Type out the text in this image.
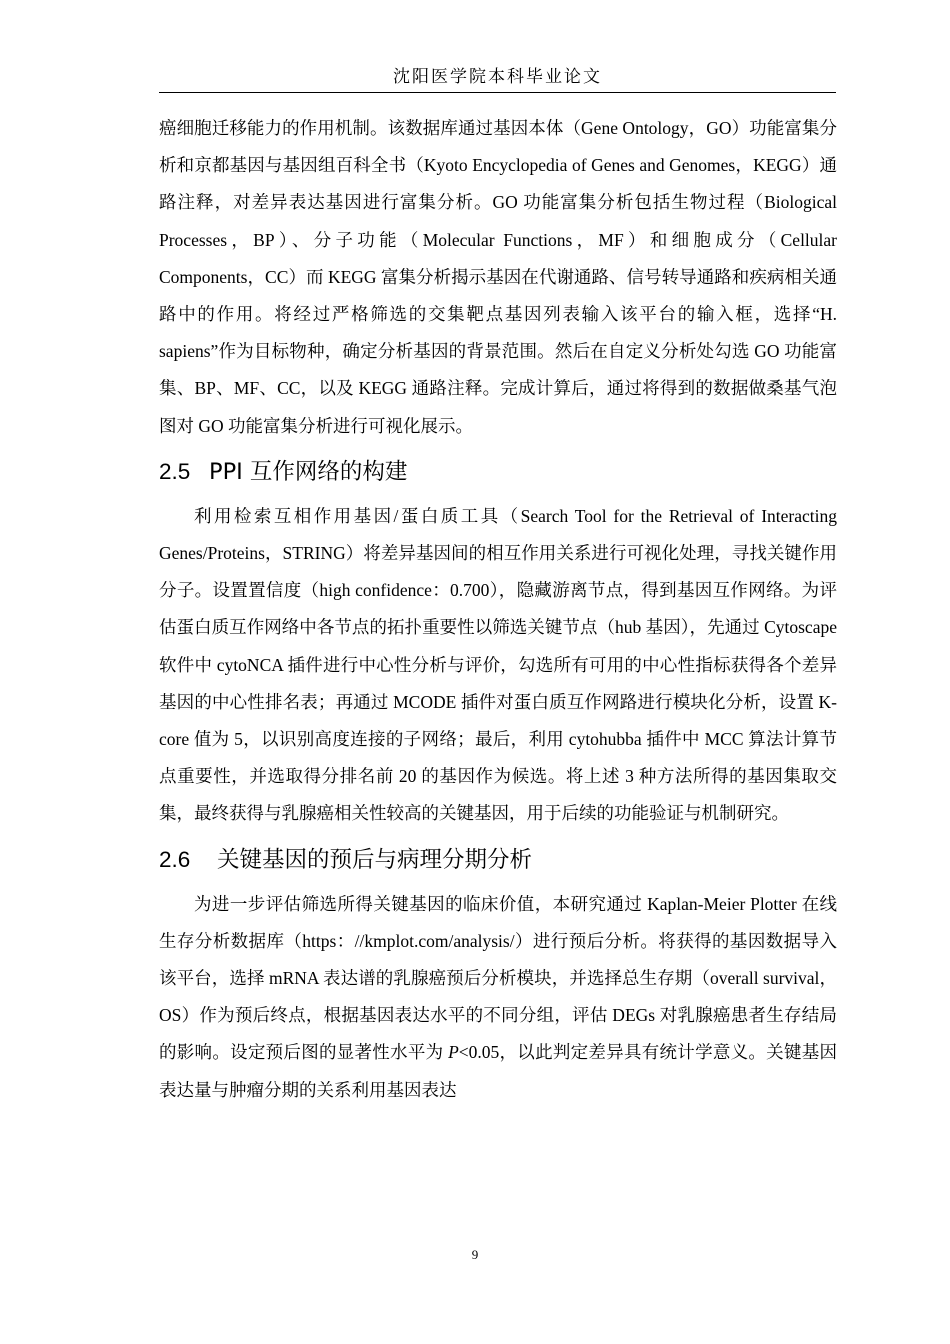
沈阳医学院本科毕业论文

癌细胞迁移能力的作用机制。该数据库通过基因本体（Gene Ontology，GO）功能富集分析和京都基因与基因组百科全书（Kyoto Encyclopedia of Genes and Genomes，KEGG）通路注释，对差异表达基因进行富集分析。GO 功能富集分析包括生物过程（Biological Processes，BP）、分子功能（Molecular Functions，MF）和细胞成分（Cellular Components，CC）而 KEGG 富集分析揭示基因在代谢通路、信号转导通路和疾病相关通路中的作用。将经过严格筛选的交集靶点基因列表输入该平台的输入框，选择“H. sapiens”作为目标物种，确定分析基因的背景范围。然后在自定义分析处勾选 GO 功能富集、BP、MF、CC，以及 KEGG 通路注释。完成计算后，通过将得到的数据做桑基气泡图对 GO 功能富集分析进行可视化展示。

2.5 PPI 互作网络的构建

利用检索互相作用基因/蛋白质工具（Search Tool for the Retrieval of Interacting Genes/Proteins，STRING）将差异基因间的相互作用关系进行可视化处理，寻找关键作用分子。设置置信度（high confidence：0.700），隐藏游离节点，得到基因互作网络。为评估蛋白质互作网络中各节点的拓扑重要性以筛选关键节点（hub 基因），先通过 Cytoscape 软件中 cytoNCA 插件进行中心性分析与评价，勾选所有可用的中心性指标获得各个差异基因的中心性排名表；再通过 MCODE 插件对蛋白质互作网路进行模块化分析，设置 K-core 值为 5，以识别高度连接的子网络；最后，利用 cytohubba 插件中 MCC 算法计算节点重要性，并选取得分排名前 20 的基因作为候选。将上述 3 种方法所得的基因集取交集，最终获得与乳腺癌相关性较高的关键基因，用于后续的功能验证与机制研究。

2.6 关键基因的预后与病理分期分析

为进一步评估筛选所得关键基因的临床价值，本研究通过 Kaplan-Meier Plotter 在线生存分析数据库（https：//kmplot.com/analysis/）进行预后分析。将获得的基因数据导入该平台，选择 mRNA 表达谱的乳腺癌预后分析模块，并选择总生存期（overall survival，OS）作为预后终点，根据基因表达水平的不同分组，评估 DEGs 对乳腺癌患者生存结局的影响。设定预后图的显著性水平为 P<0.05，以此判定差异具有统计学意义。关键基因表达量与肿瘤分期的关系利用基因表达

9
